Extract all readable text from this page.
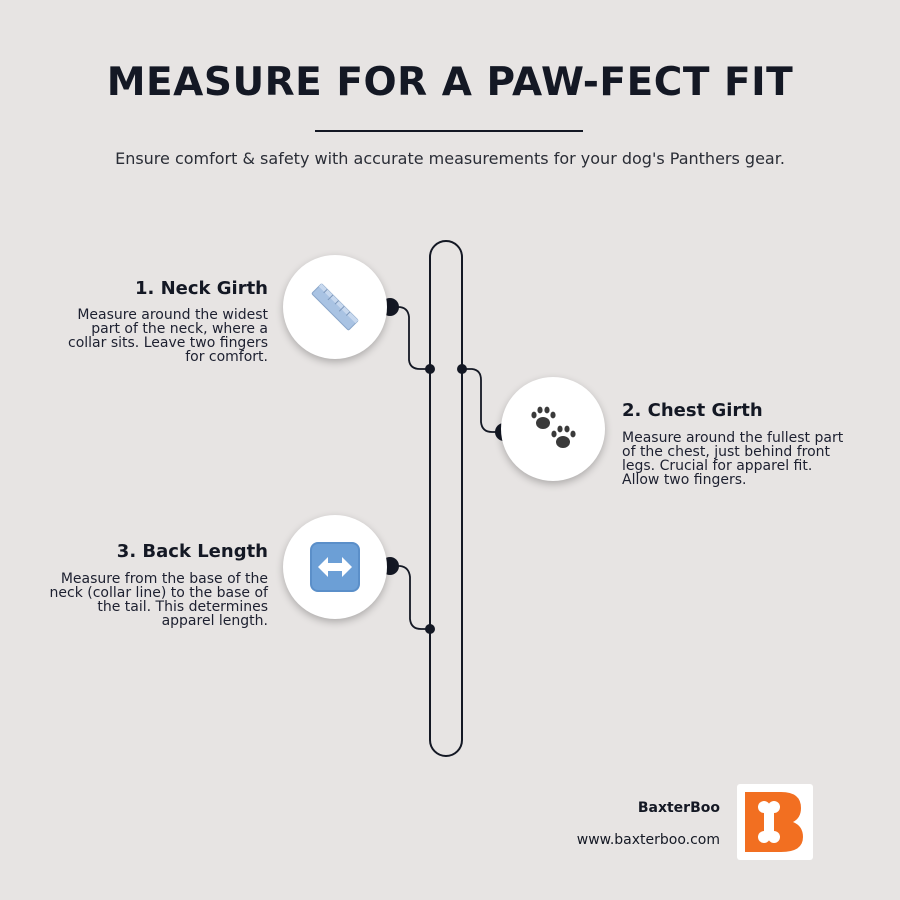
MEASURE FOR A PAW-FECT FIT

Ensure comfort & safety with accurate measurements for your dog's Panthers gear.

1. Neck Girth

Measure around the widest part of the neck, where a collar sits. Leave two fingers for comfort.

2. Chest Girth

Measure around the fullest part of the chest, just behind front legs. Crucial for apparel fit. Allow two fingers.

3. Back Length

Measure from the base of the neck (collar line) to the base of the tail. This determines apparel length.

BaxterBoo
www.baxterboo.com
